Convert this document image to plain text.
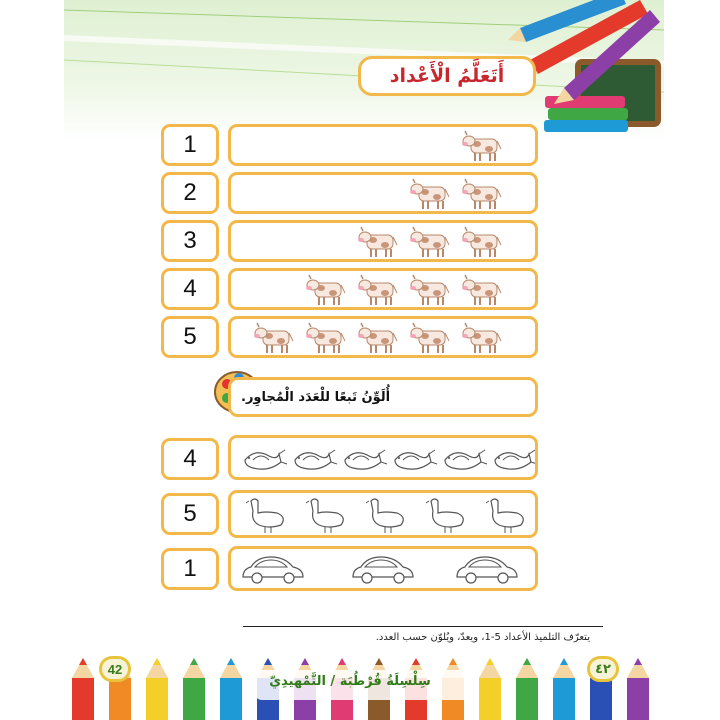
أَتَعَلَّمُ الْأَعْداد
1
2
3
4
5
أُلَوِّنُ تَبعًا للْعَدَد الْمُجاوِر.
4
5
1
يتعرّف التلميذ الأعداد 5-1، ويعدّ، ويُلوّن حسب العدد.
42	٤٢
سِلْسِلَةُ قُرْطُبَة / التَّمْهيدِيّ
